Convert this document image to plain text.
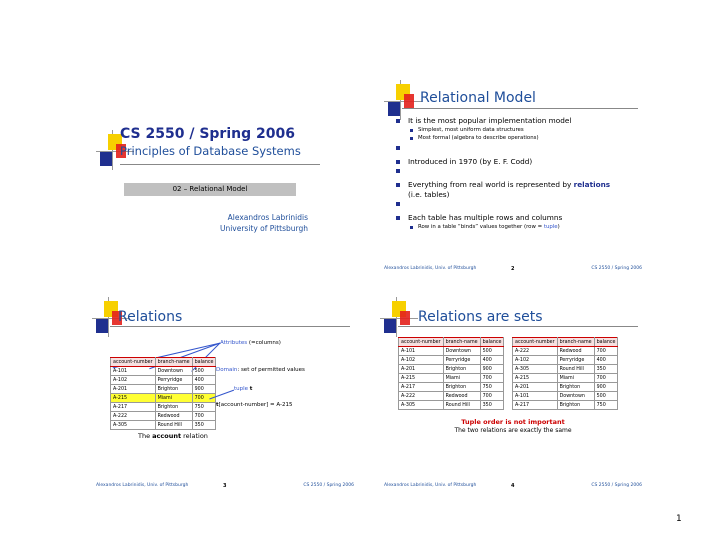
CS 2550 / Spring 2006
Principles of Database Systems
02 – Relational Model
Alexandros Labrinidis
University of Pittsburgh
Relational Model
It is the most popular implementation model
Simplest, most uniform data structures
Most formal (algebra to describe operations)
Introduced in 1970 (by E. F. Codd)
Everything from real world is represented by relations
(i.e. tables)
Each table has multiple rows and columns
Row in a table “binds” values together (row = tuple)
Alexandros Labrinidis, Univ. of Pittsburgh	2	CS 2550 / Spring 2006
Relations
Attributes (=columns)
account-number	branch-name	balance
A-101	Downtown	500
A-102	Perryridge	400
A-201	Brighton	900
A-215	Miami	700
A-217	Brighton	750
A-222	Redwood	700
A-305	Round Hill	350
Domain: set of permitted values
tuple t
t[account-number] = A-215
The account relation
Alexandros Labrinidis, Univ. of Pittsburgh	3	CS 2550 / Spring 2006
Relations are sets
account-number	branch-name	balance
A-101	Downtown	500
A-102	Perryridge	400
A-201	Brighton	900
A-215	Miami	700
A-217	Brighton	750
A-222	Redwood	700
A-305	Round Hill	350
account-number	branch-name	balance
A-222	Redwood	700
A-102	Perryridge	400
A-305	Round Hill	350
A-215	Miami	700
A-201	Brighton	900
A-101	Downtown	500
A-217	Brighton	750
Tuple order is not important
The two relations are exactly the same
Alexandros Labrinidis, Univ. of Pittsburgh	4	CS 2550 / Spring 2006
1
